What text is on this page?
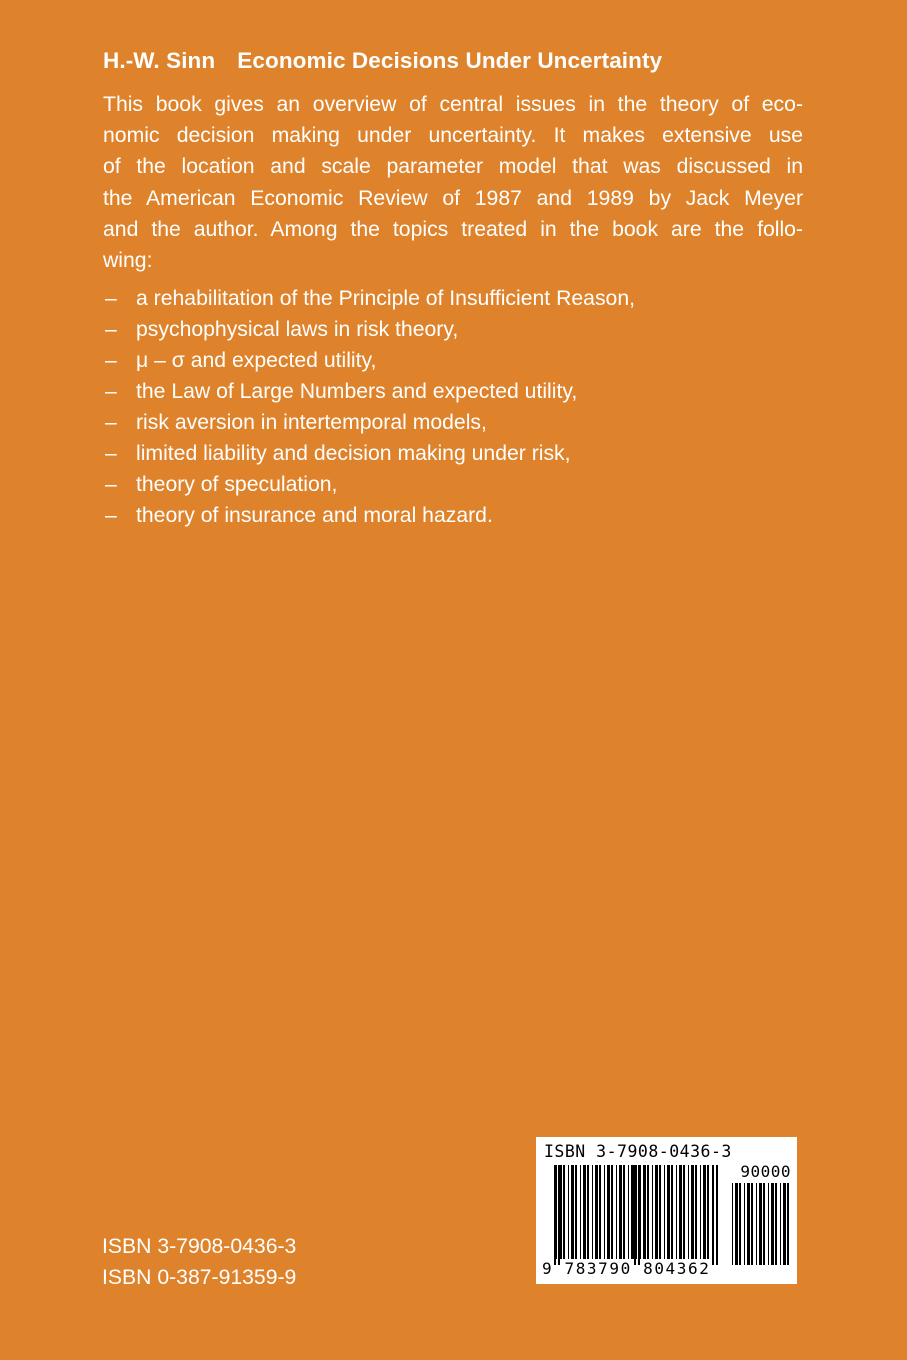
H.-W. Sinn Economic Decisions Under Uncertainty

This book gives an overview of central issues in the theory of eco-
nomic decision making under uncertainty. It makes extensive use
of the location and scale parameter model that was discussed in
the American Economic Review of 1987 and 1989 by Jack Meyer
and the author. Among the topics treated in the book are the follo-
wing:

– a rehabilitation of the Principle of Insufficient Reason,
– psychophysical laws in risk theory,
– μ – σ and expected utility,
– the Law of Large Numbers and expected utility,
– risk aversion in intertemporal models,
– limited liability and decision making under risk,
– theory of speculation,
– theory of insurance and moral hazard.
ISBN 3-7908-0436-3
ISBN 0-387-91359-9
ISBN 3-7908-0436-3
90000
9 783790 804362
